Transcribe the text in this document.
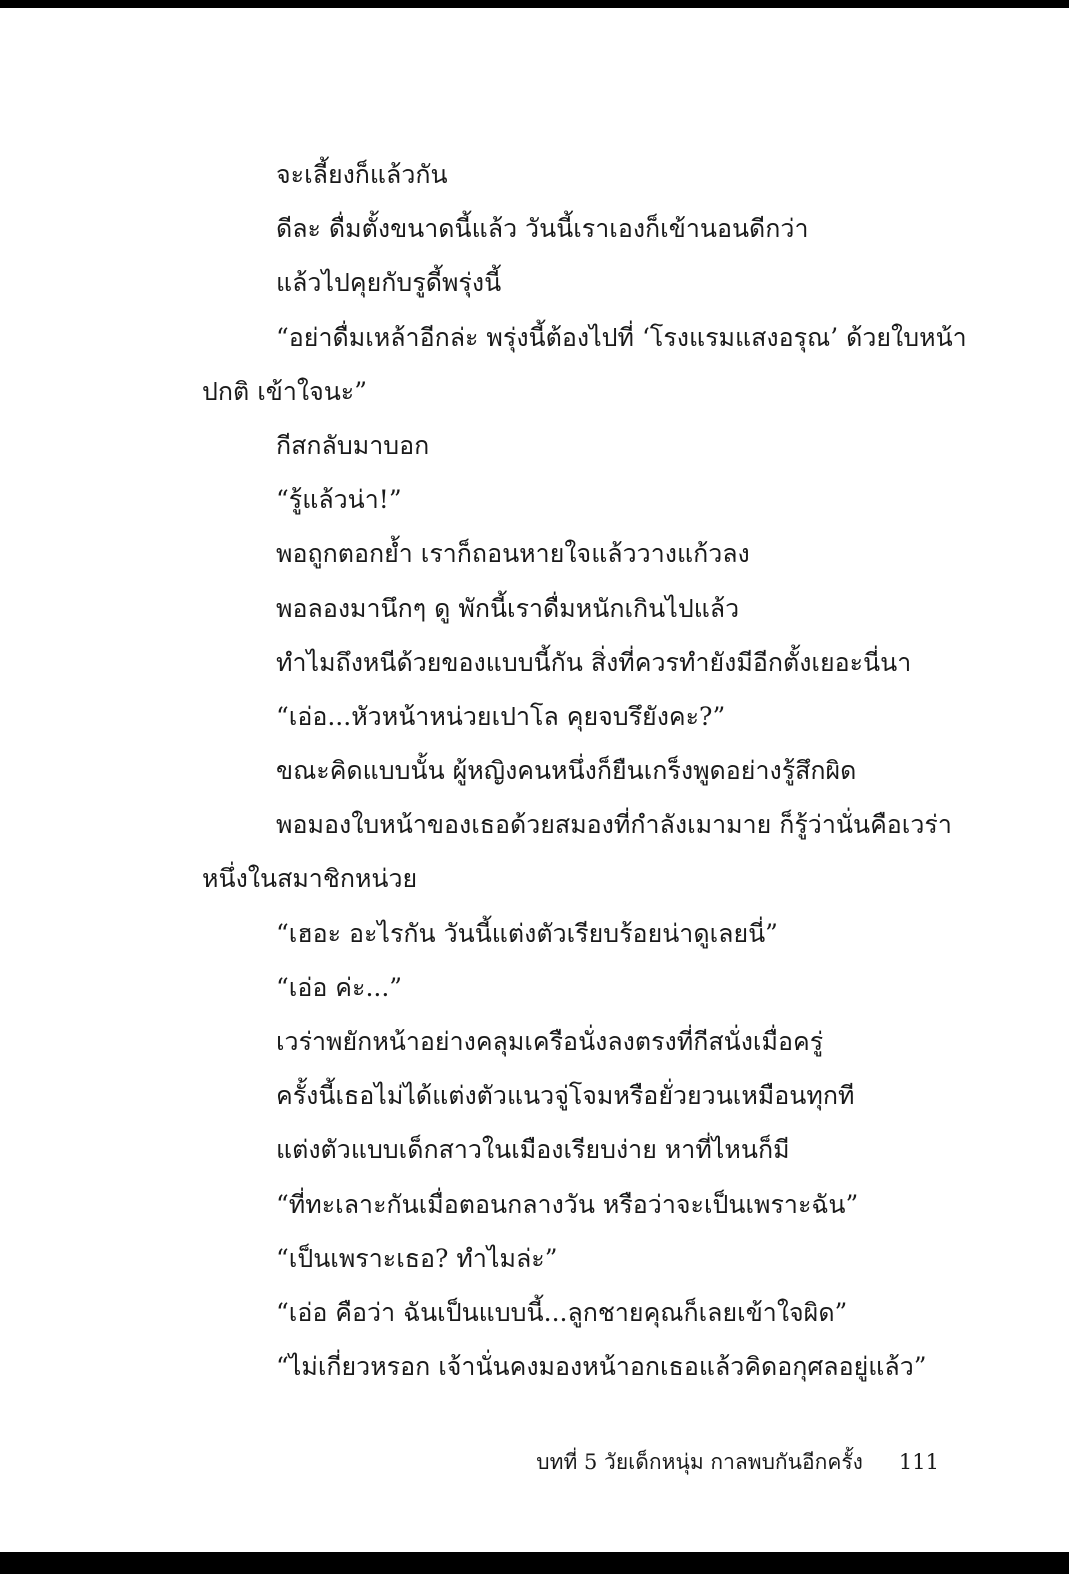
จะเลี้ยงก็แล้วกัน
ดีละ ดื่มตั้งขนาดนี้แล้ว วันนี้เราเองก็เข้านอนดีกว่า
แล้วไปคุยกับรูดี้พรุ่งนี้
“อย่าดื่มเหล้าอีกล่ะ พรุ่งนี้ต้องไปที่ ‘โรงแรมแสงอรุณ’ ด้วยใบหน้า
ปกติ เข้าใจนะ”
กีสกลับมาบอก
“รู้แล้วน่า!”
พอถูกตอกย้ำ เราก็ถอนหายใจแล้ววางแก้วลง
พอลองมานึกๆ ดู พักนี้เราดื่มหนักเกินไปแล้ว
ทำไมถึงหนีด้วยของแบบนี้กัน สิ่งที่ควรทำยังมีอีกตั้งเยอะนี่นา
“เอ่อ...หัวหน้าหน่วยเปาโล คุยจบรึยังคะ?”
ขณะคิดแบบนั้น ผู้หญิงคนหนึ่งก็ยืนเกร็งพูดอย่างรู้สึกผิด
พอมองใบหน้าของเธอด้วยสมองที่กำลังเมามาย ก็รู้ว่านั่นคือเวร่า
หนึ่งในสมาชิกหน่วย
“เฮอะ อะไรกัน วันนี้แต่งตัวเรียบร้อยน่าดูเลยนี่”
“เอ่อ ค่ะ...”
เวร่าพยักหน้าอย่างคลุมเครือนั่งลงตรงที่กีสนั่งเมื่อครู่
ครั้งนี้เธอไม่ได้แต่งตัวแนวจู่โจมหรือยั่วยวนเหมือนทุกที
แต่งตัวแบบเด็กสาวในเมืองเรียบง่าย หาที่ไหนก็มี
“ที่ทะเลาะกันเมื่อตอนกลางวัน หรือว่าจะเป็นเพราะฉัน”
“เป็นเพราะเธอ? ทำไมล่ะ”
“เอ่อ คือว่า ฉันเป็นแบบนี้...ลูกชายคุณก็เลยเข้าใจผิด”
“ไม่เกี่ยวหรอก เจ้านั่นคงมองหน้าอกเธอแล้วคิดอกุศลอยู่แล้ว”
บทที่ 5 วัยเด็กหนุ่ม กาลพบกันอีกครั้ง 111
